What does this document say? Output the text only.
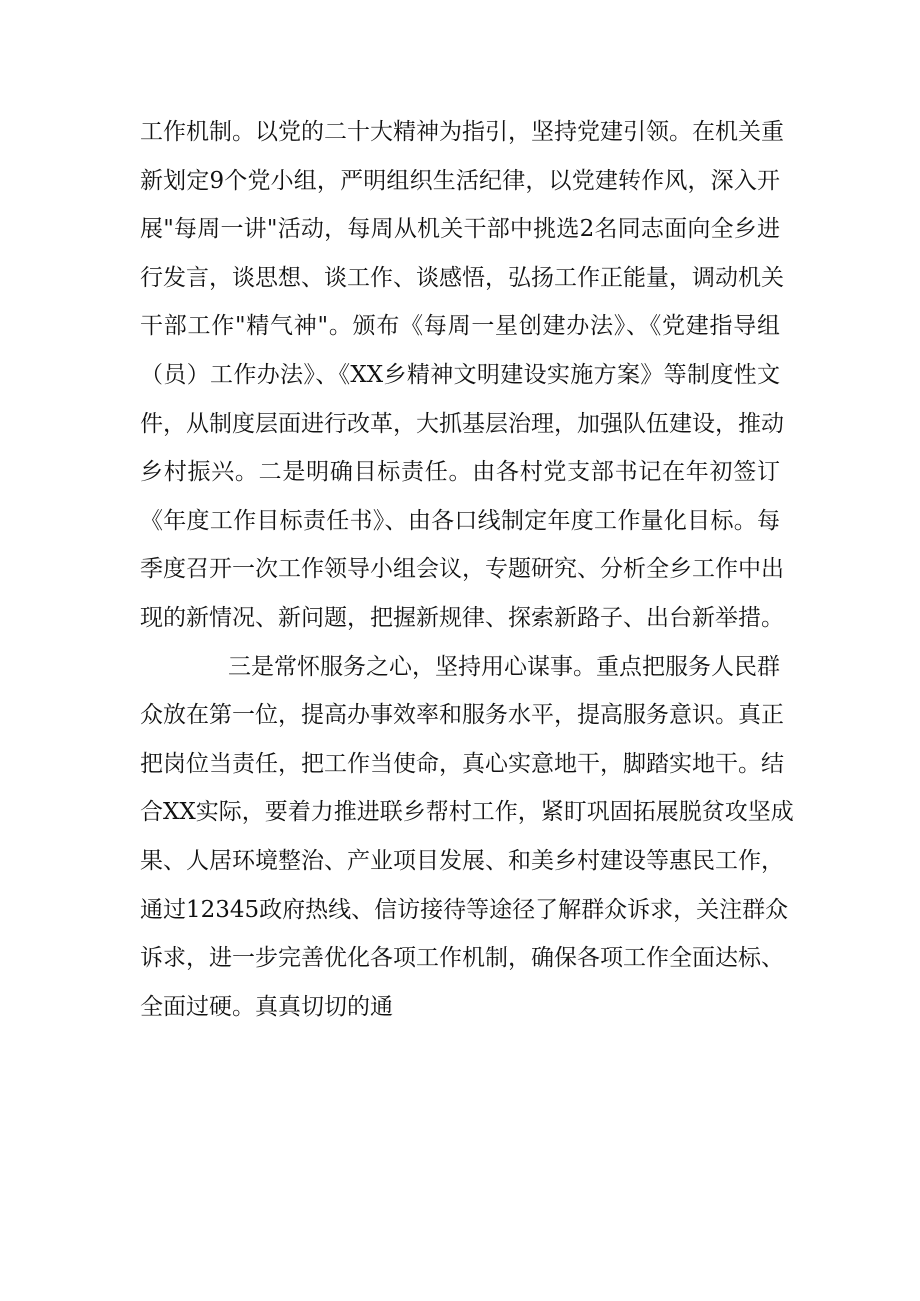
工作机制。以党的二十大精神为指引，坚持党建引领。在机关重
新划定9个党小组，严明组织生活纪律，以党建转作风，深入开
展"每周一讲"活动，每周从机关干部中挑选2名同志面向全乡进
行发言，谈思想、谈工作、谈感悟，弘扬工作正能量，调动机关
干部工作"精气神"。颁布《每周一星创建办法》、《党建指导组
（员）工作办法》、《XX乡精神文明建设实施方案》等制度性文
件，从制度层面进行改革，大抓基层治理，加强队伍建设，推动
乡村振兴。二是明确目标责任。由各村党支部书记在年初签订
《年度工作目标责任书》、由各口线制定年度工作量化目标。每
季度召开一次工作领导小组会议，专题研究、分析全乡工作中出
现的新情况、新问题，把握新规律、探索新路子、出台新举措。
三是常怀服务之心，坚持用心谋事。重点把服务人民群
众放在第一位，提高办事效率和服务水平，提高服务意识。真正
把岗位当责任，把工作当使命，真心实意地干，脚踏实地干。结
合XX实际，要着力推进联乡帮村工作，紧盯巩固拓展脱贫攻坚成
果、人居环境整治、产业项目发展、和美乡村建设等惠民工作，
通过12345政府热线、信访接待等途径了解群众诉求，关注群众
诉求，进一步完善优化各项工作机制，确保各项工作全面达标、
全面过硬。真真切切的通
